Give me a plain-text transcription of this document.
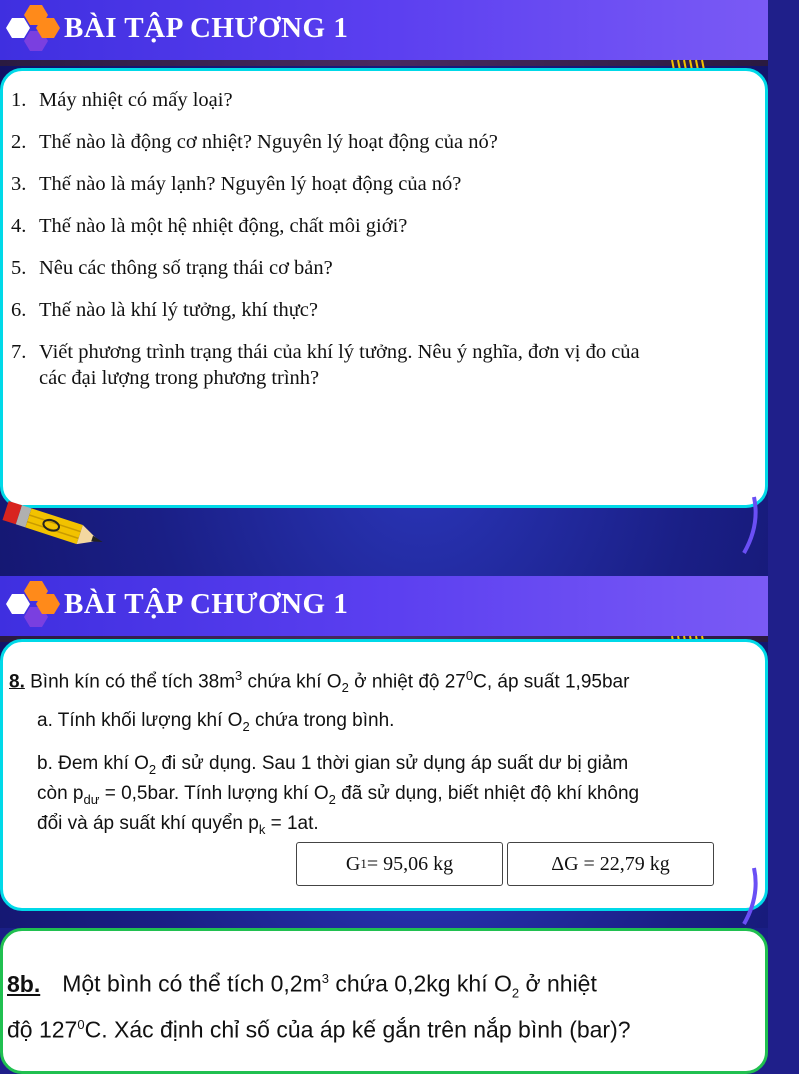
BÀI TẬP CHƯƠNG 1
1. Máy nhiệt có mấy loại?
2. Thế nào là động cơ nhiệt? Nguyên lý hoạt động của nó?
3. Thế nào là máy lạnh? Nguyên lý hoạt động của nó?
4. Thế nào là một hệ nhiệt động, chất môi giới?
5. Nêu các thông số trạng thái cơ bản?
6. Thế nào là khí lý tưởng, khí thực?
7. Viết phương trình trạng thái của khí lý tưởng. Nêu ý nghĩa, đơn vị đo của
các đại lượng trong phương trình?
BÀI TẬP CHƯƠNG 1
8. Bình kín có thể tích $38m^3$ chứa khí $O_2$ ở nhiệt độ $27^0C$, áp suất 1,95bar
a. Tính khối lượng khí $O_2$ chứa trong bình.
b. Đem khí $O_2$ đi sử dụng. Sau 1 thời gian sử dụng áp suất dư bị giảm
còn $p_{dư} = 0,5bar$. Tính lượng khí $O_2$ đã sử dụng, biết nhiệt độ khí không
đổi và áp suất khí quyển $p_k = 1at$.
G 1 = 95,06 kg	ΔG = 22,79 kg
8b. Một bình có thể tích $0,2m^3$ chứa 0,2kg khí $O_2$ ở nhiệt
độ $127^0C$. Xác định chỉ số của áp kế gắn trên nắp bình (bar)?
